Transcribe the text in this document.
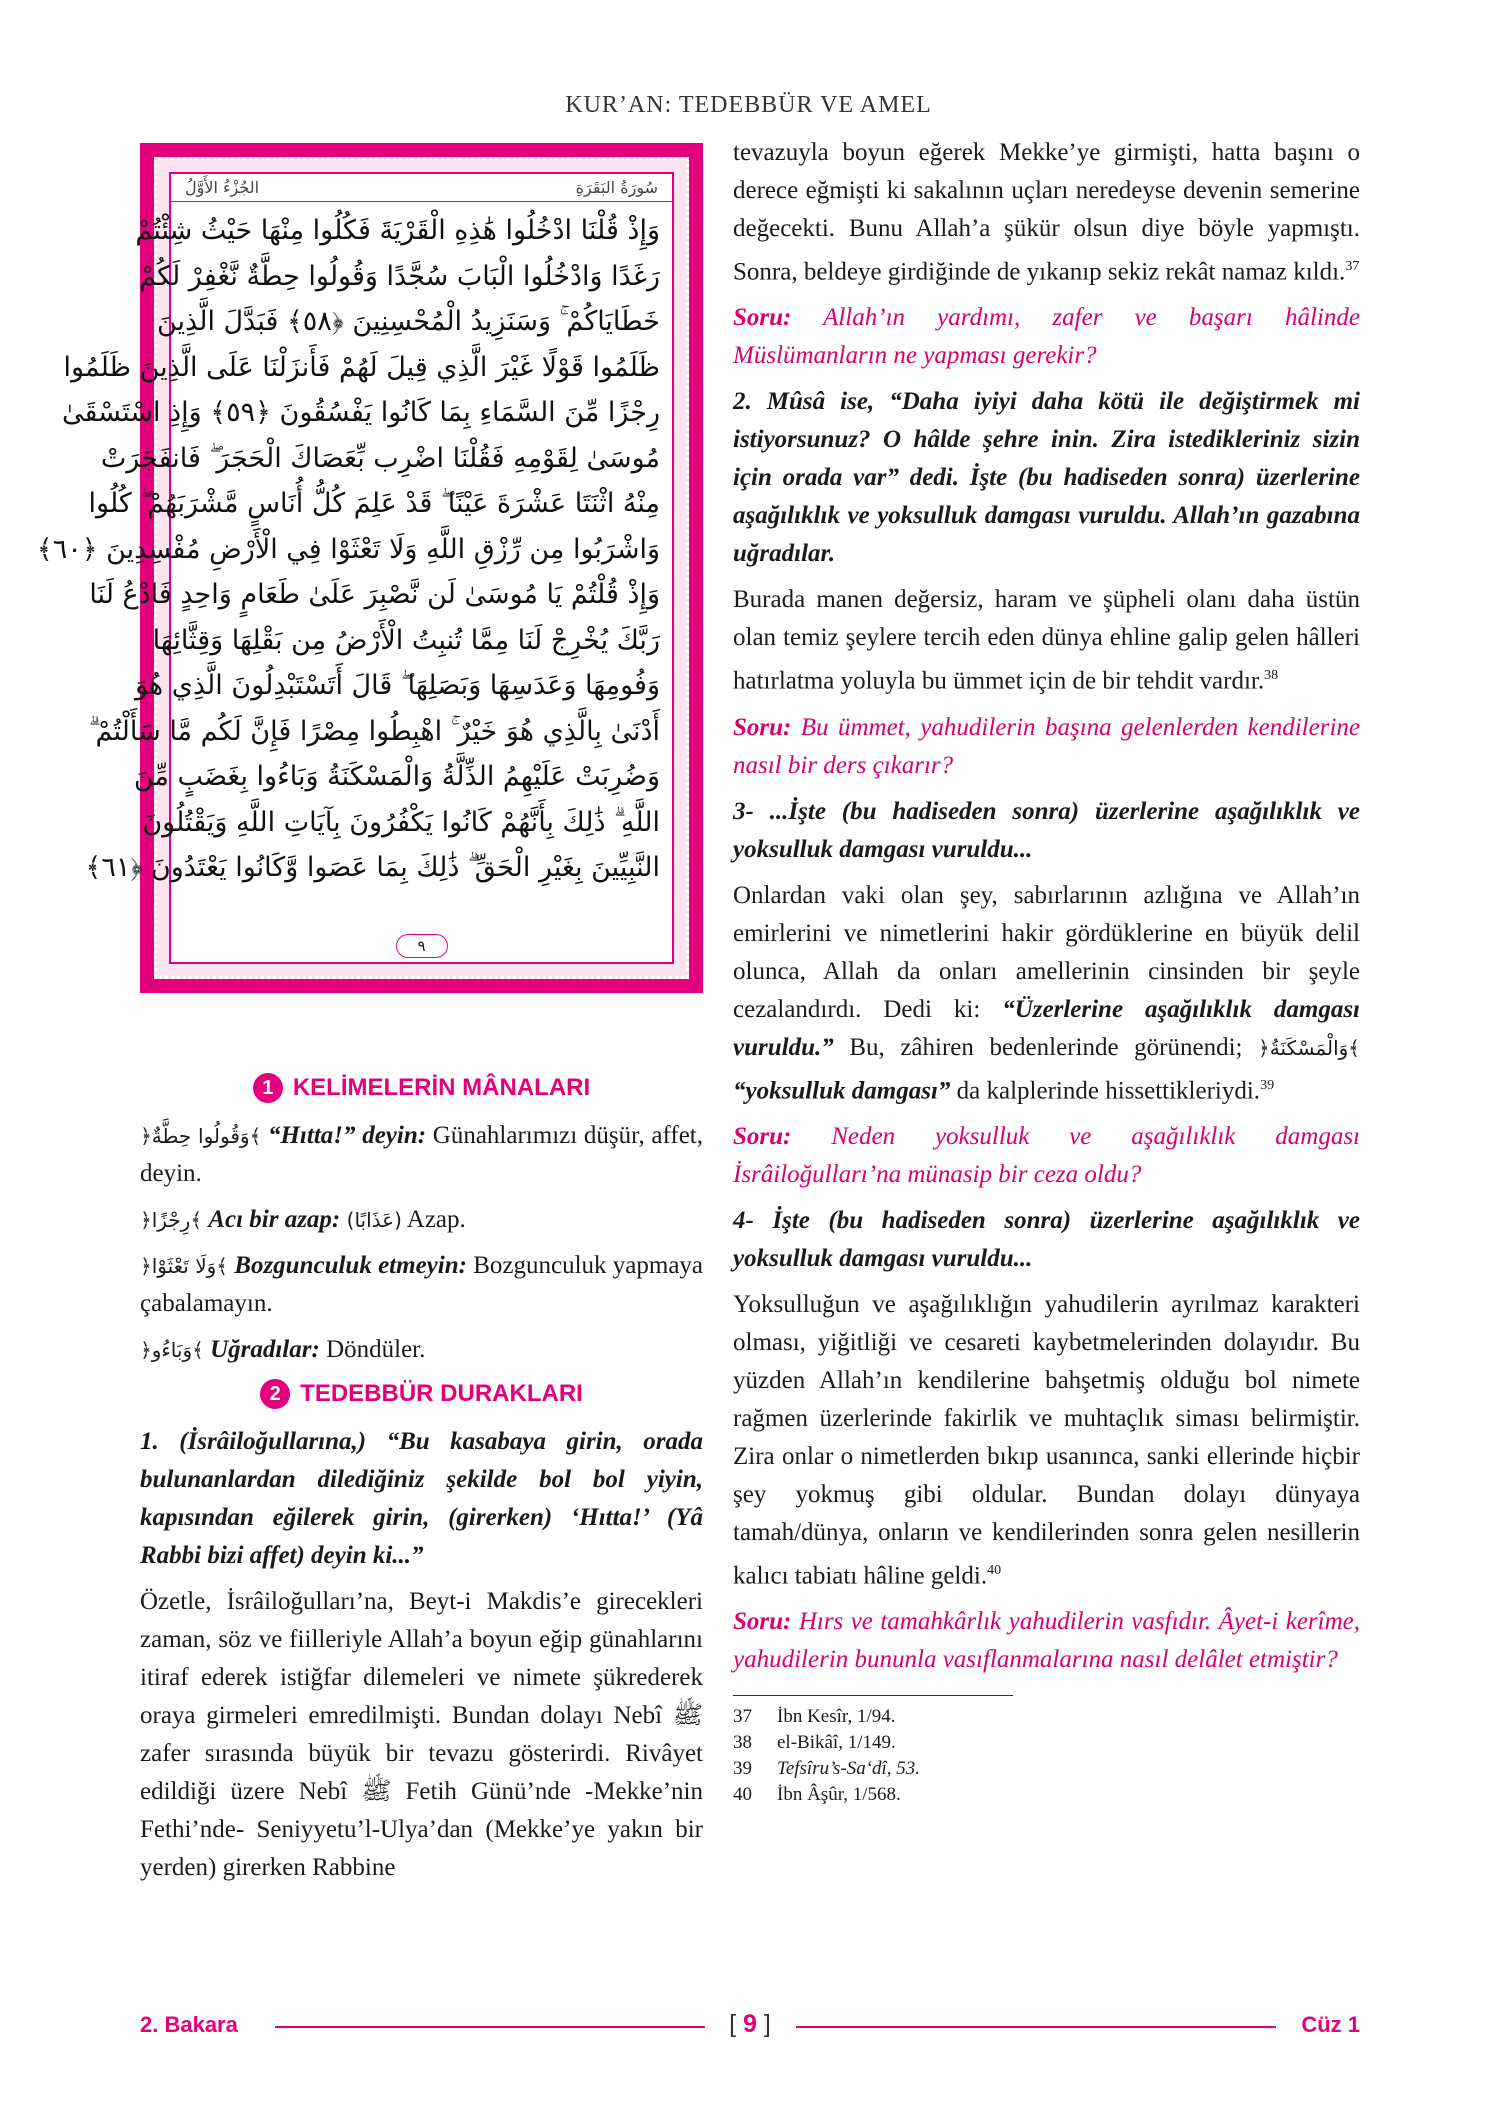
KUR’AN: TEDEBBÜR VE AMEL
سُورَةُ البَقَرَةِ
الجُزْءُ الأَوَّلُ
وَإِذْ قُلْنَا ادْخُلُوا هَٰذِهِ الْقَرْيَةَ فَكُلُوا مِنْهَا حَيْثُ شِئْتُمْ
رَغَدًا وَادْخُلُوا الْبَابَ سُجَّدًا وَقُولُوا حِطَّةٌ نَّغْفِرْ لَكُمْ
خَطَايَاكُمْ ۚ وَسَنَزِيدُ الْمُحْسِنِينَ ﴿٥٨﴾ فَبَدَّلَ الَّذِينَ
ظَلَمُوا قَوْلًا غَيْرَ الَّذِي قِيلَ لَهُمْ فَأَنزَلْنَا عَلَى الَّذِينَ ظَلَمُوا
رِجْزًا مِّنَ السَّمَاءِ بِمَا كَانُوا يَفْسُقُونَ ﴿٥٩﴾ وَإِذِ اسْتَسْقَىٰ
مُوسَىٰ لِقَوْمِهِ فَقُلْنَا اضْرِب بِّعَصَاكَ الْحَجَرَ ۖ فَانفَجَرَتْ
مِنْهُ اثْنَتَا عَشْرَةَ عَيْنًا ۖ قَدْ عَلِمَ كُلُّ أُنَاسٍ مَّشْرَبَهُمْ ۖ كُلُوا
وَاشْرَبُوا مِن رِّزْقِ اللَّهِ وَلَا تَعْثَوْا فِي الْأَرْضِ مُفْسِدِينَ ﴿٦٠﴾
وَإِذْ قُلْتُمْ يَا مُوسَىٰ لَن نَّصْبِرَ عَلَىٰ طَعَامٍ وَاحِدٍ فَادْعُ لَنَا
رَبَّكَ يُخْرِجْ لَنَا مِمَّا تُنبِتُ الْأَرْضُ مِن بَقْلِهَا وَقِثَّائِهَا
وَفُومِهَا وَعَدَسِهَا وَبَصَلِهَا ۖ قَالَ أَتَسْتَبْدِلُونَ الَّذِي هُوَ
أَدْنَىٰ بِالَّذِي هُوَ خَيْرٌ ۚ اهْبِطُوا مِصْرًا فَإِنَّ لَكُم مَّا سَأَلْتُمْ ۗ
وَضُرِبَتْ عَلَيْهِمُ الذِّلَّةُ وَالْمَسْكَنَةُ وَبَاءُوا بِغَضَبٍ مِّنَ
اللَّهِ ۗ ذَٰلِكَ بِأَنَّهُمْ كَانُوا يَكْفُرُونَ بِآيَاتِ اللَّهِ وَيَقْتُلُونَ
النَّبِيِّينَ بِغَيْرِ الْحَقِّ ۗ ذَٰلِكَ بِمَا عَصَوا وَّكَانُوا يَعْتَدُونَ ﴿٦١﴾
٩
1 KELİMELERİN MÂNALARI

﴿وَقُولُوا حِطَّةٌ﴾ “Hıtta!” deyin: Günahlarımızı düşür, affet, deyin.

﴿رِجْزًا﴾ Acı bir azap: (عَذَابًا) Azap.

﴿وَلَا تَعْثَوْا﴾ Bozgunculuk etmeyin: Bozgunculuk yapmaya çabalamayın.

﴿وَبَاءُو﴾ Uğradılar: Döndüler.

2 TEDEBBÜR DURAKLARI

1. (İsrâiloğullarına,) “Bu kasabaya girin, orada bulunanlardan dilediğiniz şekilde bol bol yiyin, kapısından eğilerek girin, (girerken) ‘Hıtta!’ (Yâ Rabbi bizi affet) deyin ki...”

Özetle, İsrâiloğulları’na, Beyt-i Makdis’e girecekleri zaman, söz ve fiilleriyle Allah’a boyun eğip günahlarını itiraf ederek istiğfar dilemeleri ve nimete şükrederek oraya girmeleri emredilmişti. Bundan dolayı Nebî ﷺ zafer sırasında büyük bir tevazu gösterirdi. Rivâyet edildiği üzere Nebî ﷺ Fetih Günü’nde -Mekke’nin Fethi’nde- Seniyyetu’l-Ulya’dan (Mekke’ye yakın bir yerden) girerken Rabbine

tevazuyla boyun eğerek Mekke’ye girmişti, hatta başını o derece eğmişti ki sakalının uçları neredeyse devenin semerine değecekti. Bunu Allah’a şükür olsun diye böyle yapmıştı. Sonra, beldeye girdiğinde de yıkanıp sekiz rekât namaz kıldı.$^{37}$

Soru: Allah’ın yardımı, zafer ve başarı hâlinde Müslümanların ne yapması gerekir?

2. Mûsâ ise, “Daha iyiyi daha kötü ile değiştirmek mi istiyorsunuz? O hâlde şehre inin. Zira istedikleriniz sizin için orada var” dedi. İşte (bu hadiseden sonra) üzerlerine aşağılıklık ve yoksulluk damgası vuruldu. Allah’ın gazabına uğradılar.

Burada manen değersiz, haram ve şüpheli olanı daha üstün olan temiz şeylere tercih eden dünya ehline galip gelen hâlleri hatırlatma yoluyla bu ümmet için de bir tehdit vardır.$^{38}$

Soru: Bu ümmet, yahudilerin başına gelenlerden kendilerine nasıl bir ders çıkarır?

3- ...İşte (bu hadiseden sonra) üzerlerine aşağılıklık ve yoksulluk damgası vuruldu...

Onlardan vaki olan şey, sabırlarının azlığına ve Allah’ın emirlerini ve nimetlerini hakir gördüklerine en büyük delil olunca, Allah da onları amellerinin cinsinden bir şeyle cezalandırdı. Dedi ki: “Üzerlerine aşağılıklık damgası vuruldu.” Bu, zâhiren bedenlerinde görünendi; ﴿وَالْمَسْكَنَةُ﴾ “yoksulluk damgası” da kalplerinde hissettikleriydi.$^{39}$

Soru: Neden yoksulluk ve aşağılıklık damgası İsrâiloğulları’na münasip bir ceza oldu?

4- İşte (bu hadiseden sonra) üzerlerine aşağılıklık ve yoksulluk damgası vuruldu...

Yoksulluğun ve aşağılıklığın yahudilerin ayrılmaz karakteri olması, yiğitliği ve cesareti kaybetmelerinden dolayıdır. Bu yüzden Allah’ın kendilerine bahşetmiş olduğu bol nimete rağmen üzerlerinde fakirlik ve muhtaçlık siması belirmiştir. Zira onlar o nimetlerden bıkıp usanınca, sanki ellerinde hiçbir şey yokmuş gibi oldular. Bundan dolayı dünyaya tamah/dünya, onların ve kendilerinden sonra gelen nesillerin kalıcı tabiatı hâline geldi.$^{40}$

Soru: Hırs ve tamahkârlık yahudilerin vasfıdır. Âyet-i kerîme, yahudilerin bununla vasıflanmalarına nasıl delâlet etmiştir?

37	İbn Kesîr, 1/94.
38	el-Bikâî, 1/149.
39	Tefsîru’s-Sa‘dî, 53.
40	İbn Âşûr, 1/568.
2. Bakara	[ 9 ]	Cüz 1
